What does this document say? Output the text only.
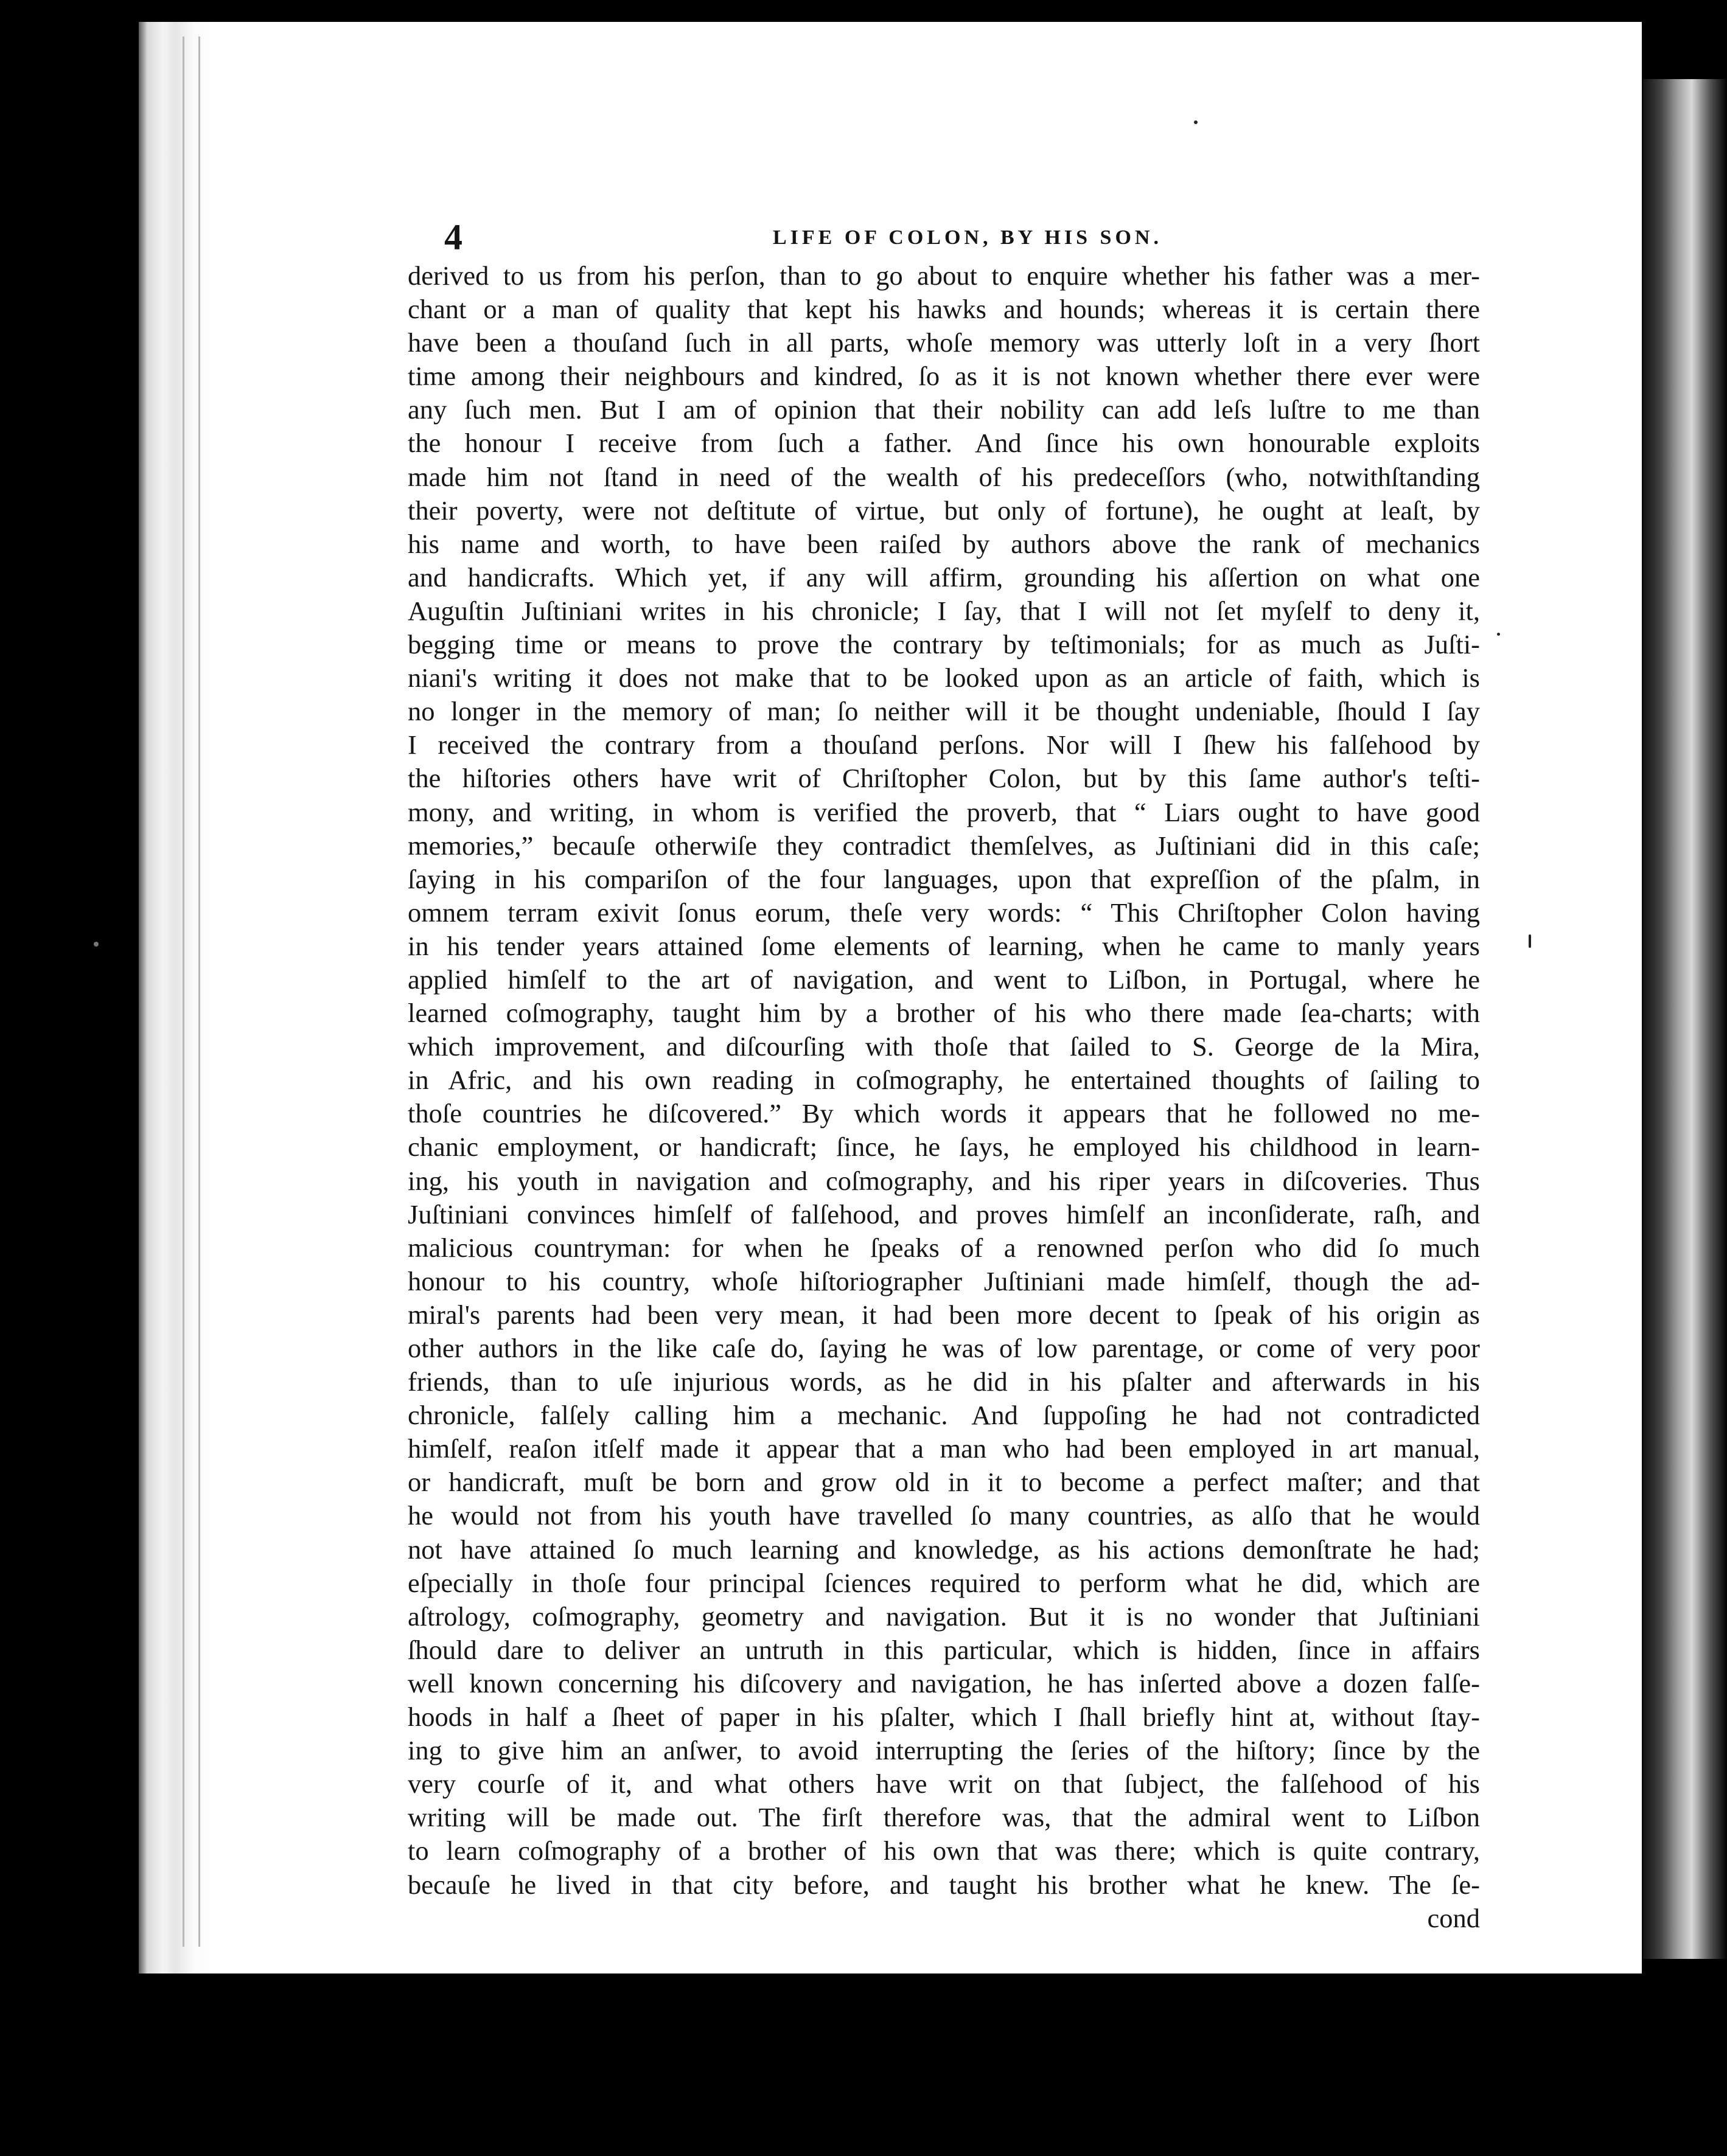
4	LIFE OF COLON, BY HIS SON.
derived to us from his perſon, than to go about to enquire whether his father was a mer-
chant or a man of quality that kept his hawks and hounds; whereas it is certain there
have been a thouſand ſuch in all parts, whoſe memory was utterly loſt in a very ſhort
time among their neighbours and kindred, ſo as it is not known whether there ever were
any ſuch men. But I am of opinion that their nobility can add leſs luſtre to me than
the honour I receive from ſuch a father. And ſince his own honourable exploits
made him not ſtand in need of the wealth of his predeceſſors (who, notwithſtanding
their poverty, were not deſtitute of virtue, but only of fortune), he ought at leaſt, by
his name and worth, to have been raiſed by authors above the rank of mechanics
and handicrafts. Which yet, if any will affirm, grounding his aſſertion on what one
Auguſtin Juſtiniani writes in his chronicle; I ſay, that I will not ſet myſelf to deny it,
begging time or means to prove the contrary by teſtimonials; for as much as Juſti-
niani's writing it does not make that to be looked upon as an article of faith, which is
no longer in the memory of man; ſo neither will it be thought undeniable, ſhould I ſay
I received the contrary from a thouſand perſons. Nor will I ſhew his falſehood by
the hiſtories others have writ of Chriſtopher Colon, but by this ſame author's teſti-
mony, and writing, in whom is verified the proverb, that “ Liars ought to have good
memories,” becauſe otherwiſe they contradict themſelves, as Juſtiniani did in this caſe;
ſaying in his compariſon of the four languages, upon that expreſſion of the pſalm, in
omnem terram exivit ſonus eorum, theſe very words: “ This Chriſtopher Colon having
in his tender years attained ſome elements of learning, when he came to manly years
applied himſelf to the art of navigation, and went to Liſbon, in Portugal, where he
learned coſmography, taught him by a brother of his who there made ſea-charts; with
which improvement, and diſcourſing with thoſe that ſailed to S. George de la Mira,
in Afric, and his own reading in coſmography, he entertained thoughts of ſailing to
thoſe countries he diſcovered.” By which words it appears that he followed no me-
chanic employment, or handicraft; ſince, he ſays, he employed his childhood in learn-
ing, his youth in navigation and coſmography, and his riper years in diſcoveries. Thus
Juſtiniani convinces himſelf of falſehood, and proves himſelf an inconſiderate, raſh, and
malicious countryman: for when he ſpeaks of a renowned perſon who did ſo much
honour to his country, whoſe hiſtoriographer Juſtiniani made himſelf, though the ad-
miral's parents had been very mean, it had been more decent to ſpeak of his origin as
other authors in the like caſe do, ſaying he was of low parentage, or come of very poor
friends, than to uſe injurious words, as he did in his pſalter and afterwards in his
chronicle, falſely calling him a mechanic. And ſuppoſing he had not contradicted
himſelf, reaſon itſelf made it appear that a man who had been employed in art manual,
or handicraft, muſt be born and grow old in it to become a perfect maſter; and that
he would not from his youth have travelled ſo many countries, as alſo that he would
not have attained ſo much learning and knowledge, as his actions demonſtrate he had;
eſpecially in thoſe four principal ſciences required to perform what he did, which are
aſtrology, coſmography, geometry and navigation. But it is no wonder that Juſtiniani
ſhould dare to deliver an untruth in this particular, which is hidden, ſince in affairs
well known concerning his diſcovery and navigation, he has inſerted above a dozen falſe-
hoods in half a ſheet of paper in his pſalter, which I ſhall briefly hint at, without ſtay-
ing to give him an anſwer, to avoid interrupting the ſeries of the hiſtory; ſince by the
very courſe of it, and what others have writ on that ſubject, the falſehood of his
writing will be made out. The firſt therefore was, that the admiral went to Liſbon
to learn coſmography of a brother of his own that was there; which is quite contrary,
becauſe he lived in that city before, and taught his brother what he knew. The ſe-
cond
